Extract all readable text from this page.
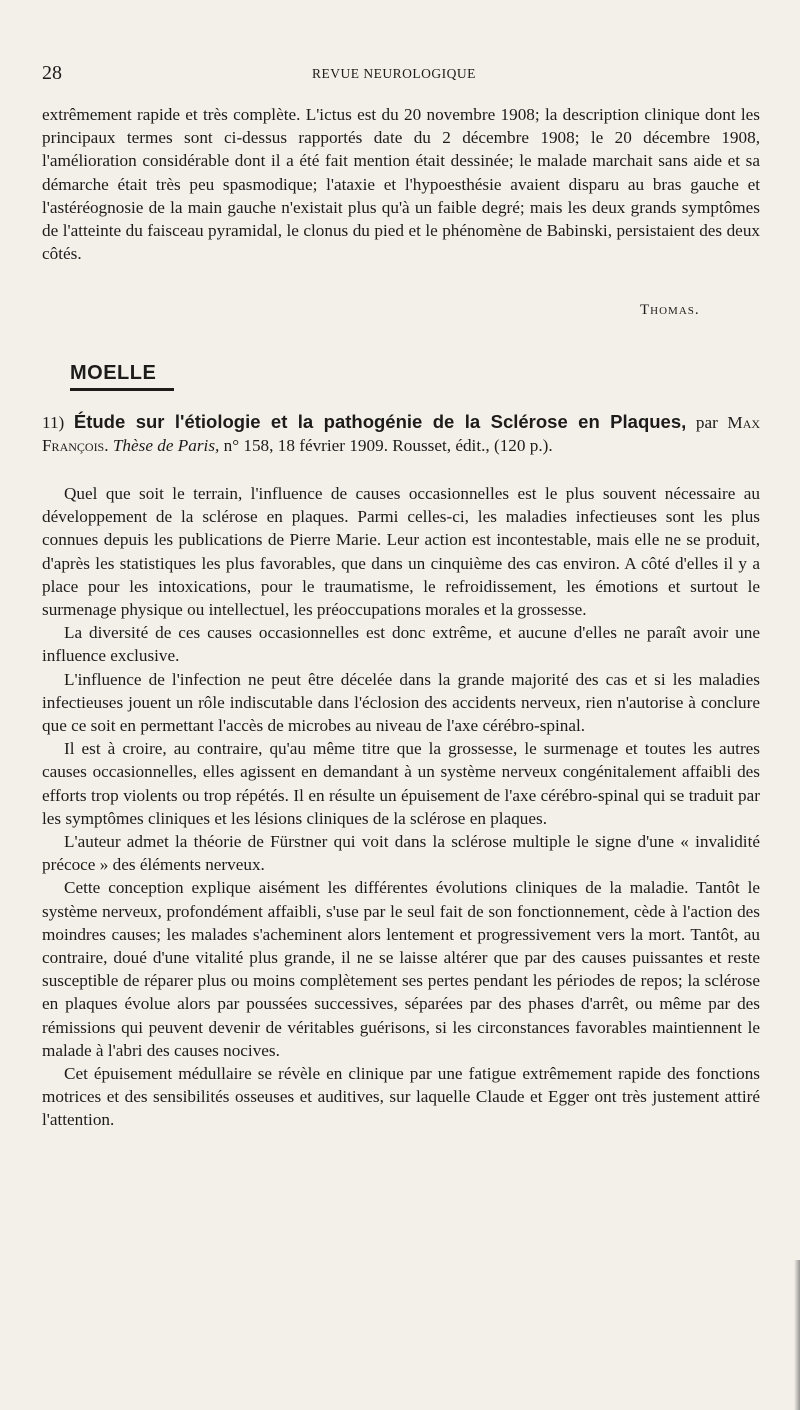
28	REVUE NEUROLOGIQUE

extrêmement rapide et très complète. L'ictus est du 20 novembre 1908; la description clinique dont les principaux termes sont ci-dessus rapportés date du 2 décembre 1908; le 20 décembre 1908, l'amélioration considérable dont il a été fait mention était dessinée; le malade marchait sans aide et sa démarche était très peu spasmodique; l'ataxie et l'hypoesthésie avaient disparu au bras gauche et l'astéréognosie de la main gauche n'existait plus qu'à un faible degré; mais les deux grands symptômes de l'atteinte du faisceau pyramidal, le clonus du pied et le phénomène de Babinski, persistaient des deux côtés.

Thomas.
MOELLE
11) Étude sur l'étiologie et la pathogénie de la Sclérose en Plaques, par Max François. Thèse de Paris, n° 158, 18 février 1909. Rousset, édit., (120 p.).

Quel que soit le terrain, l'influence de causes occasionnelles est le plus souvent nécessaire au développement de la sclérose en plaques. Parmi celles-ci, les maladies infectieuses sont les plus connues depuis les publications de Pierre Marie. Leur action est incontestable, mais elle ne se produit, d'après les statistiques les plus favorables, que dans un cinquième des cas environ. A côté d'elles il y a place pour les intoxications, pour le traumatisme, le refroidissement, les émotions et surtout le surmenage physique ou intellectuel, les préoccupations morales et la grossesse.

La diversité de ces causes occasionnelles est donc extrême, et aucune d'elles ne paraît avoir une influence exclusive.

L'influence de l'infection ne peut être décelée dans la grande majorité des cas et si les maladies infectieuses jouent un rôle indiscutable dans l'éclosion des accidents nerveux, rien n'autorise à conclure que ce soit en permettant l'accès de microbes au niveau de l'axe cérébro-spinal.

Il est à croire, au contraire, qu'au même titre que la grossesse, le surmenage et toutes les autres causes occasionnelles, elles agissent en demandant à un système nerveux congénitalement affaibli des efforts trop violents ou trop répétés. Il en résulte un épuisement de l'axe cérébro-spinal qui se traduit par les symptômes cliniques et les lésions cliniques de la sclérose en plaques.

L'auteur admet la théorie de Fürstner qui voit dans la sclérose multiple le signe d'une « invalidité précoce » des éléments nerveux.

Cette conception explique aisément les différentes évolutions cliniques de la maladie. Tantôt le système nerveux, profondément affaibli, s'use par le seul fait de son fonctionnement, cède à l'action des moindres causes; les malades s'acheminent alors lentement et progressivement vers la mort. Tantôt, au contraire, doué d'une vitalité plus grande, il ne se laisse altérer que par des causes puissantes et reste susceptible de réparer plus ou moins complètement ses pertes pendant les périodes de repos; la sclérose en plaques évolue alors par poussées successives, séparées par des phases d'arrêt, ou même par des rémissions qui peuvent devenir de véritables guérisons, si les circonstances favorables maintiennent le malade à l'abri des causes nocives.

Cet épuisement médullaire se révèle en clinique par une fatigue extrêmement rapide des fonctions motrices et des sensibilités osseuses et auditives, sur laquelle Claude et Egger ont très justement attiré l'attention.
